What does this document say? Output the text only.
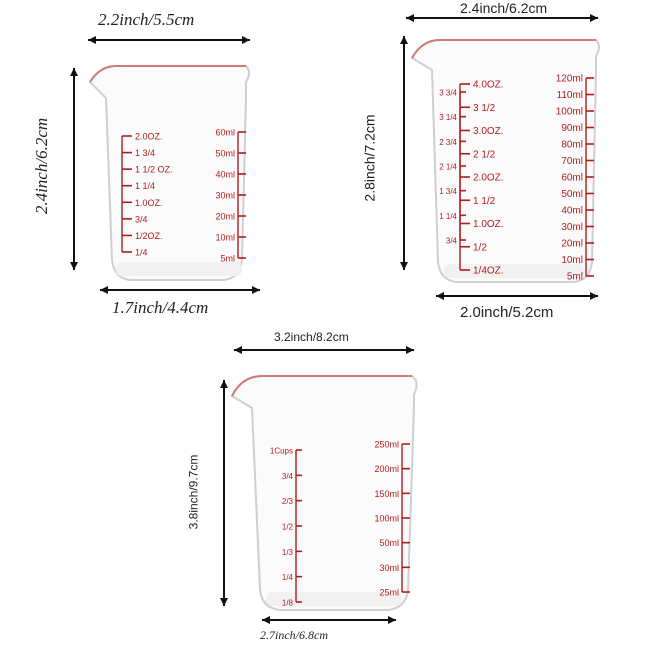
2.0OZ.
1 3/4
1 1/2 OZ.
1 1/4
1.0OZ.
3/4
1/2OZ.
1/4
60ml
50ml
40ml
30ml
20ml
10ml
5ml
2.2inch/5.5cm
2.4inch/6.2cm
1.7inch/4.4cm
3 3/4
3 1/4
2 3/4
2 1/4
1 3/4
1 1/4
3/4
4.0OZ.
3 1/2
3.0OZ.
2 1/2
2.0OZ.
1 1/2
1.0OZ.
1/2
1/4OZ.
120ml
110ml
100ml
90ml
80ml
70ml
60ml
50ml
40ml
30ml
20ml
10ml
5ml
2.4inch/6.2cm
2.8inch/7.2cm
2.0inch/5.2cm
1Cups
3/4
2/3
1/2
1/3
1/4
1/8
250ml
200ml
150ml
100ml
50ml
30ml
25ml
3.2inch/8.2cm
3.8inch/9.7cm
2.7inch/6.8cm
